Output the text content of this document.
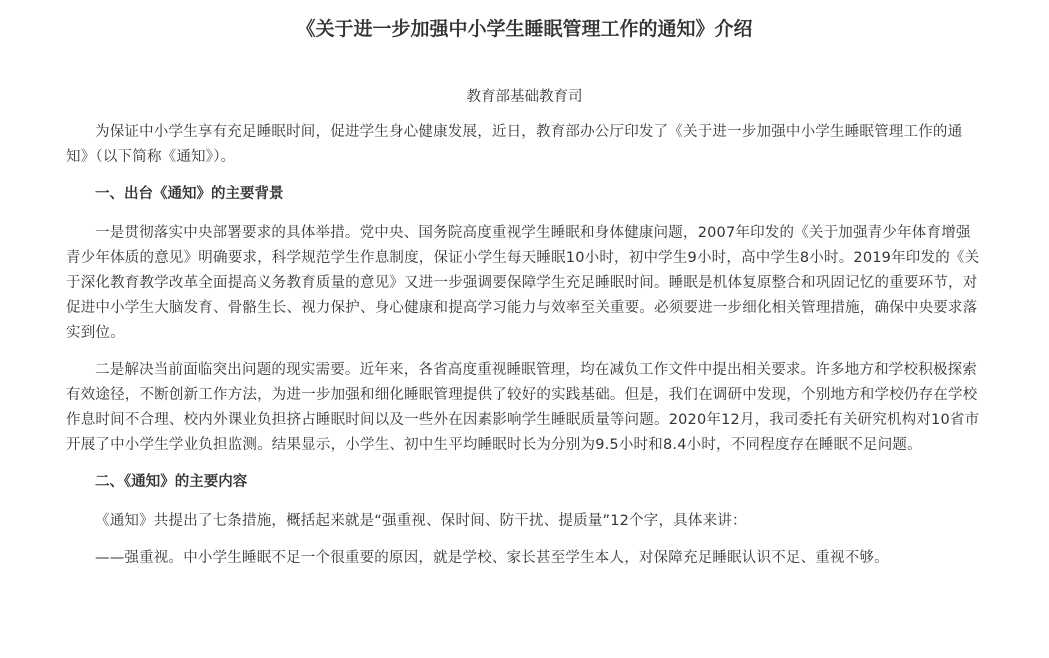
《关于进一步加强中小学生睡眠管理工作的通知》介绍

教育部基础教育司

为保证中小学生享有充足睡眠时间，促进学生身心健康发展，近日，教育部办公厅印发了《关于进一步加强中小学生睡眠管理工作的通知》（以下简称《通知》）。

一、出台《通知》的主要背景

一是贯彻落实中央部署要求的具体举措。党中央、国务院高度重视学生睡眠和身体健康问题，2007年印发的《关于加强青少年体育增强青少年体质的意见》明确要求，科学规范学生作息制度，保证小学生每天睡眠10小时，初中学生9小时，高中学生8小时。2019年印发的《关于深化教育教学改革全面提高义务教育质量的意见》又进一步强调要保障学生充足睡眠时间。睡眠是机体复原整合和巩固记忆的重要环节，对促进中小学生大脑发育、骨骼生长、视力保护、身心健康和提高学习能力与效率至关重要。必须要进一步细化相关管理措施，确保中央要求落实到位。

二是解决当前面临突出问题的现实需要。近年来，各省高度重视睡眠管理，均在减负工作文件中提出相关要求。许多地方和学校积极探索有效途径，不断创新工作方法，为进一步加强和细化睡眠管理提供了较好的实践基础。但是，我们在调研中发现，个别地方和学校仍存在学校作息时间不合理、校内外课业负担挤占睡眠时间以及一些外在因素影响学生睡眠质量等问题。2020年12月，我司委托有关研究机构对10省市开展了中小学生学业负担监测。结果显示，小学生、初中生平均睡眠时长为分别为9.5小时和8.4小时，不同程度存在睡眠不足问题。

二、《通知》的主要内容

《通知》共提出了七条措施，概括起来就是“强重视、保时间、防干扰、提质量”12个字，具体来讲：

——强重视。中小学生睡眠不足一个很重要的原因，就是学校、家长甚至学生本人，对保障充足睡眠认识不足、重视不够。
